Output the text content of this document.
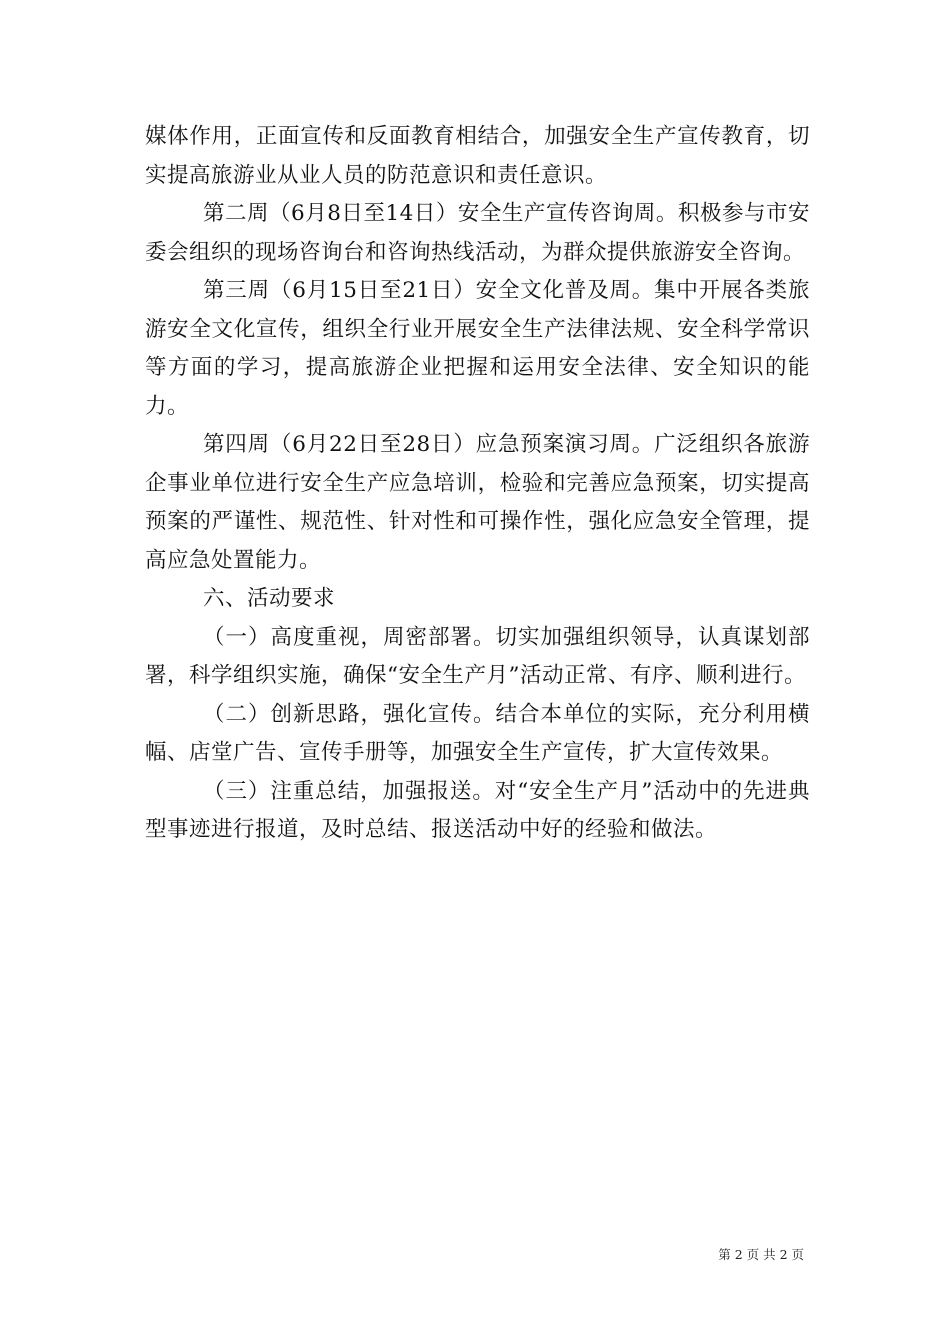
媒体作用，正面宣传和反面教育相结合，加强安全生产宣传教育，切实提高旅游业从业人员的防范意识和责任意识。

第二周（6月8日至14日）安全生产宣传咨询周。积极参与市安委会组织的现场咨询台和咨询热线活动，为群众提供旅游安全咨询。

第三周（6月15日至21日）安全文化普及周。集中开展各类旅游安全文化宣传，组织全行业开展安全生产法律法规、安全科学常识等方面的学习，提高旅游企业把握和运用安全法律、安全知识的能力。

第四周（6月22日至28日）应急预案演习周。广泛组织各旅游企事业单位进行安全生产应急培训，检验和完善应急预案，切实提高预案的严谨性、规范性、针对性和可操作性，强化应急安全管理，提高应急处置能力。

六、活动要求

（一）高度重视，周密部署。切实加强组织领导，认真谋划部署，科学组织实施，确保“安全生产月”活动正常、有序、顺利进行。

（二）创新思路，强化宣传。结合本单位的实际，充分利用横幅、店堂广告、宣传手册等，加强安全生产宣传，扩大宣传效果。

（三）注重总结，加强报送。对“安全生产月”活动中的先进典型事迹进行报道，及时总结、报送活动中好的经验和做法。

第 2 页 共 2 页
